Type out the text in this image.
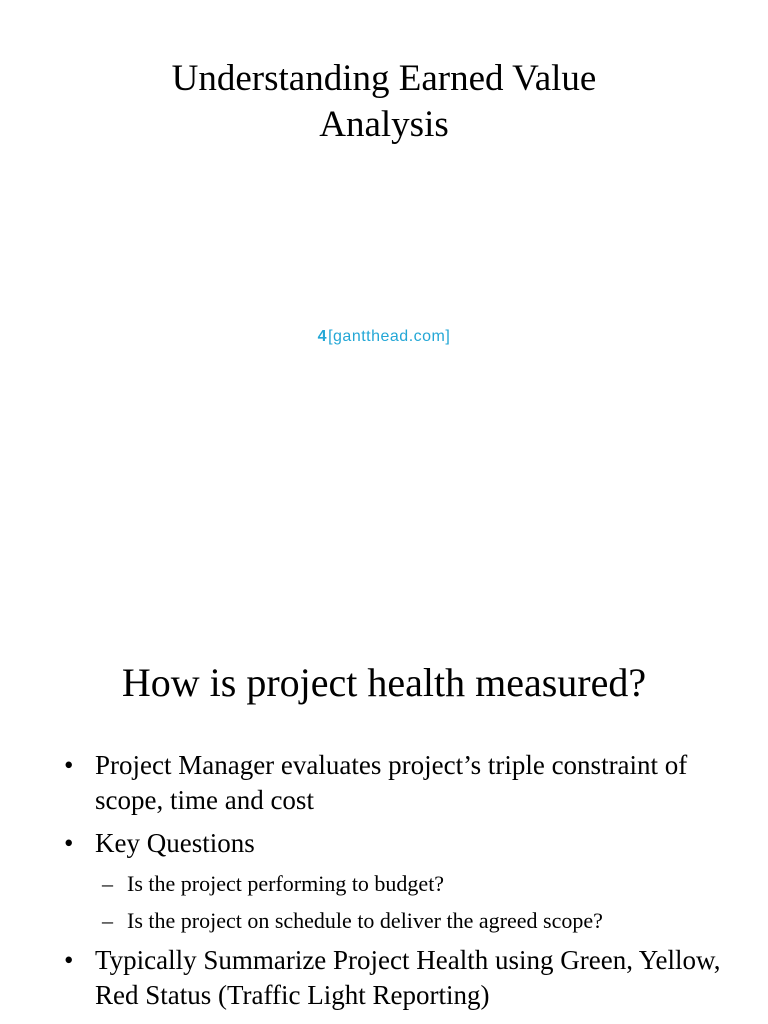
Understanding Earned Value
Analysis
4[gantthead.com]
How is project health measured?
• Project Manager evaluates project’s triple constraint of scope, time and cost
• Key Questions
– Is the project performing to budget?
– Is the project on schedule to deliver the agreed scope?
• Typically Summarize Project Health using Green, Yellow, Red Status (Traffic Light Reporting)
